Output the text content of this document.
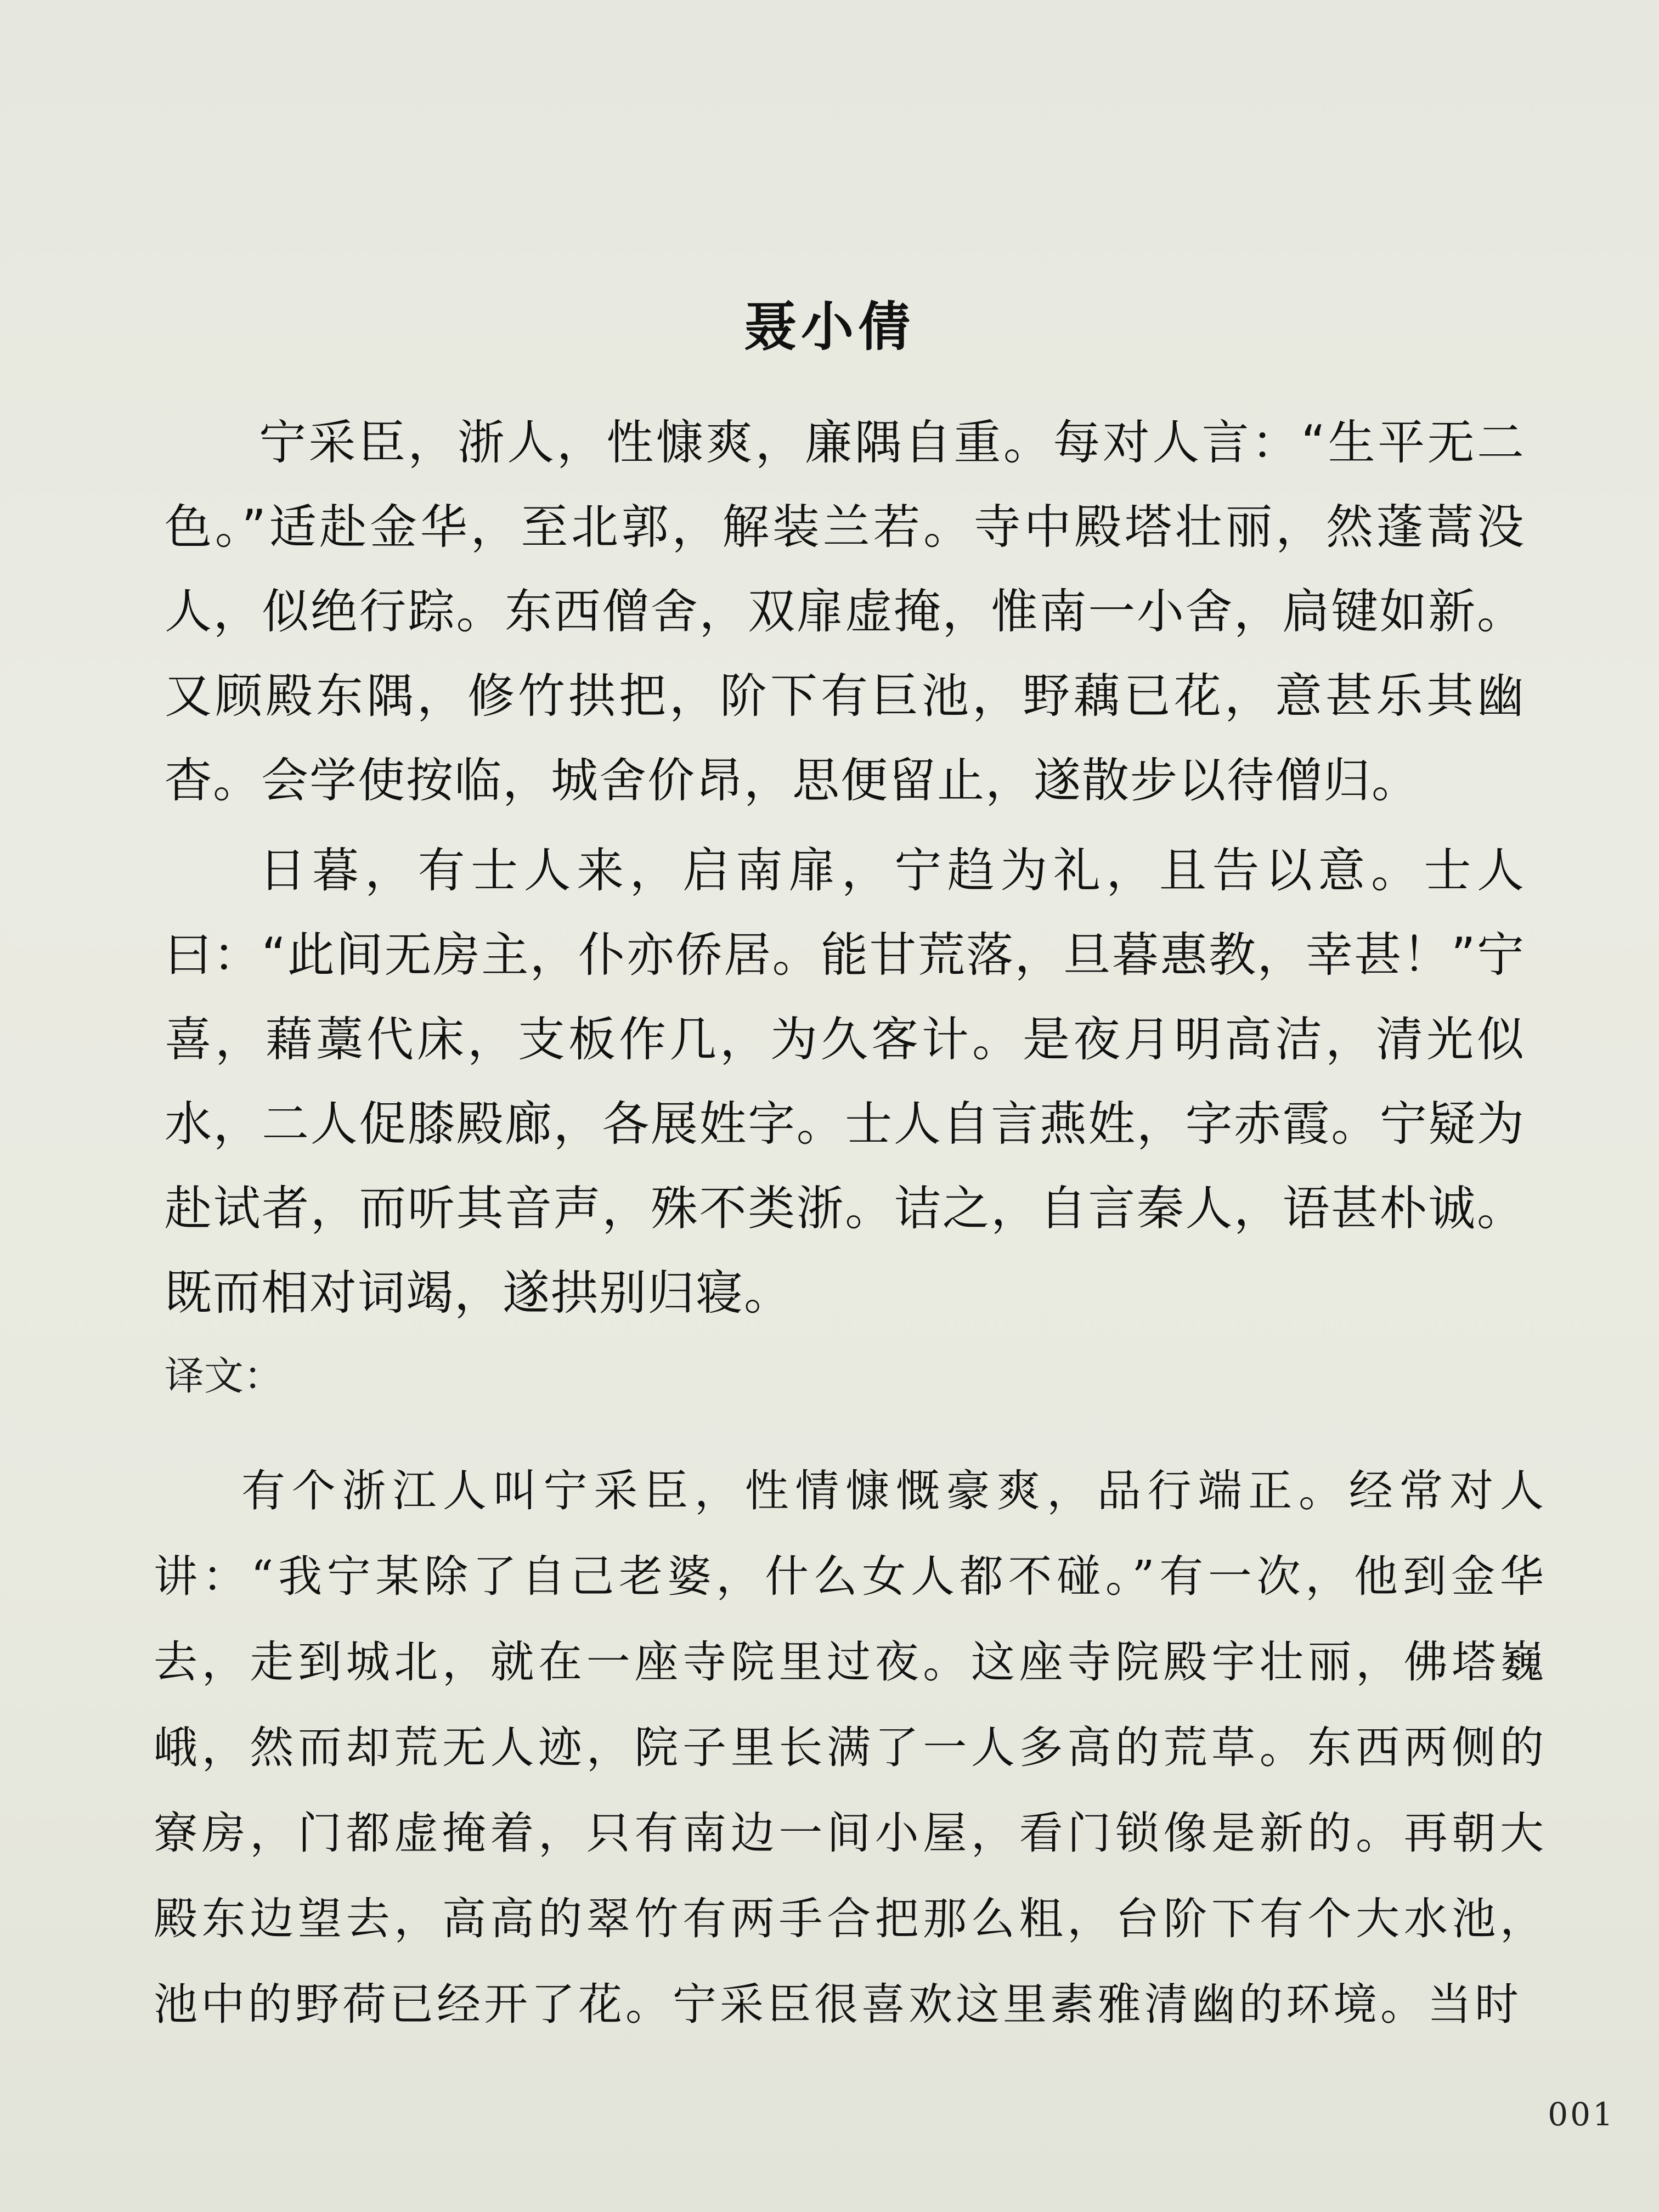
聂小倩

宁采臣，浙人，性慷爽，廉隅自重。每对人言：“生平无二色。”适赴金华，至北郭，解装兰若。寺中殿塔壮丽，然蓬蒿没人，似绝行踪。东西僧舍，双扉虚掩，惟南一小舍，扃键如新。又顾殿东隅，修竹拱把，阶下有巨池，野藕已花，意甚乐其幽杳。会学使按临，城舍价昂，思便留止，遂散步以待僧归。

日暮，有士人来，启南扉，宁趋为礼，且告以意。士人曰：“此间无房主，仆亦侨居。能甘荒落，旦暮惠教，幸甚！”宁喜，藉藁代床，支板作几，为久客计。是夜月明高洁，清光似水，二人促膝殿廊，各展姓字。士人自言燕姓，字赤霞。宁疑为赴试者，而听其音声，殊不类浙。诘之，自言秦人，语甚朴诚。既而相对词竭，遂拱别归寝。

译文：

有个浙江人叫宁采臣，性情慷慨豪爽，品行端正。经常对人讲：“我宁某除了自己老婆，什么女人都不碰。”有一次，他到金华去，走到城北，就在一座寺院里过夜。这座寺院殿宇壮丽，佛塔巍峨，然而却荒无人迹，院子里长满了一人多高的荒草。东西两侧的寮房，门都虚掩着，只有南边一间小屋，看门锁像是新的。再朝大殿东边望去，高高的翠竹有两手合把那么粗，台阶下有个大水池，池中的野荷已经开了花。宁采臣很喜欢这里素雅清幽的环境。当时

001
